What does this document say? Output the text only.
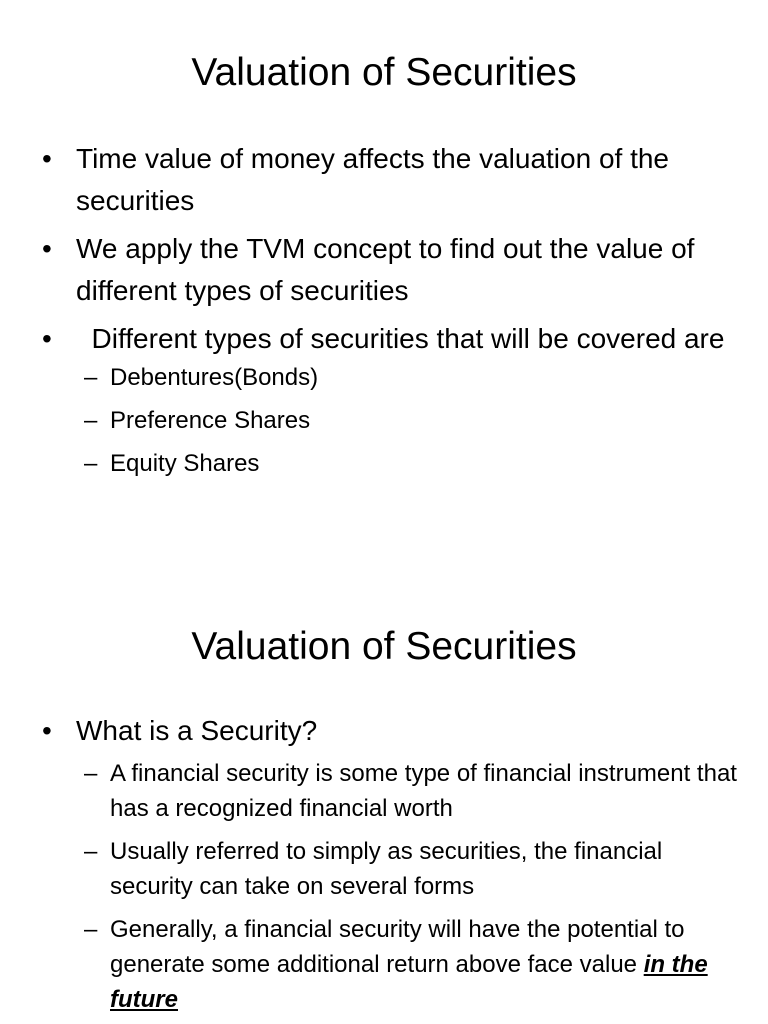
Valuation of Securities

• Time value of money affects the valuation of the securities

• We apply the TVM concept to find out the value of different types of securities

• Different types of securities that will be covered are

– Debentures(Bonds)

– Preference Shares

– Equity Shares

Valuation of Securities

• What is a Security?

– A financial security is some type of financial instrument that has a recognized financial worth

– Usually referred to simply as securities, the financial security can take on several forms

– Generally, a financial security will have the potential to generate some additional return above face value in the future
